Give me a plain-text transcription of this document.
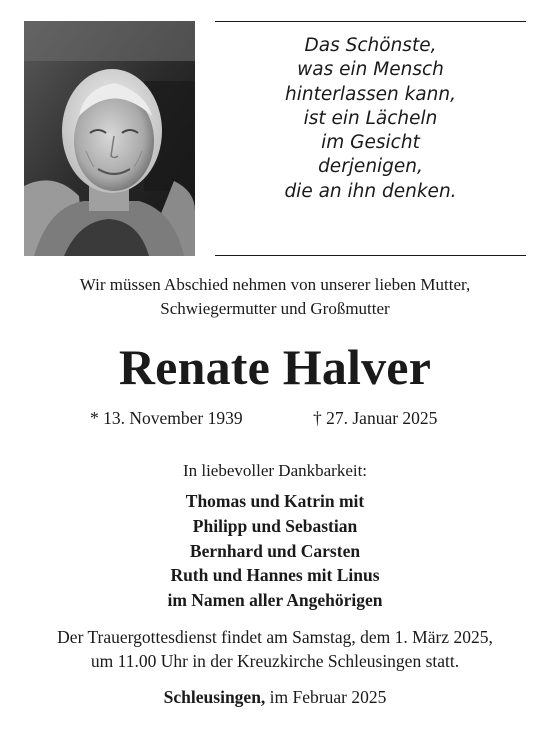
Das Schönste,
was ein Mensch
hinterlassen kann,
ist ein Lächeln
im Gesicht
derjenigen,
die an ihn denken.
Wir müssen Abschied nehmen von unserer lieben Mutter,
Schwiegermutter und Großmutter
Renate Halver
* 13. November 1939	† 27. Januar 2025
In liebevoller Dankbarkeit:
Thomas und Katrin mit
Philipp und Sebastian
Bernhard und Carsten
Ruth und Hannes mit Linus
im Namen aller Angehörigen
Der Trauergottesdienst findet am Samstag, dem 1. März 2025,
um 11.00 Uhr in der Kreuzkirche Schleusingen statt.
Schleusingen, im Februar 2025
